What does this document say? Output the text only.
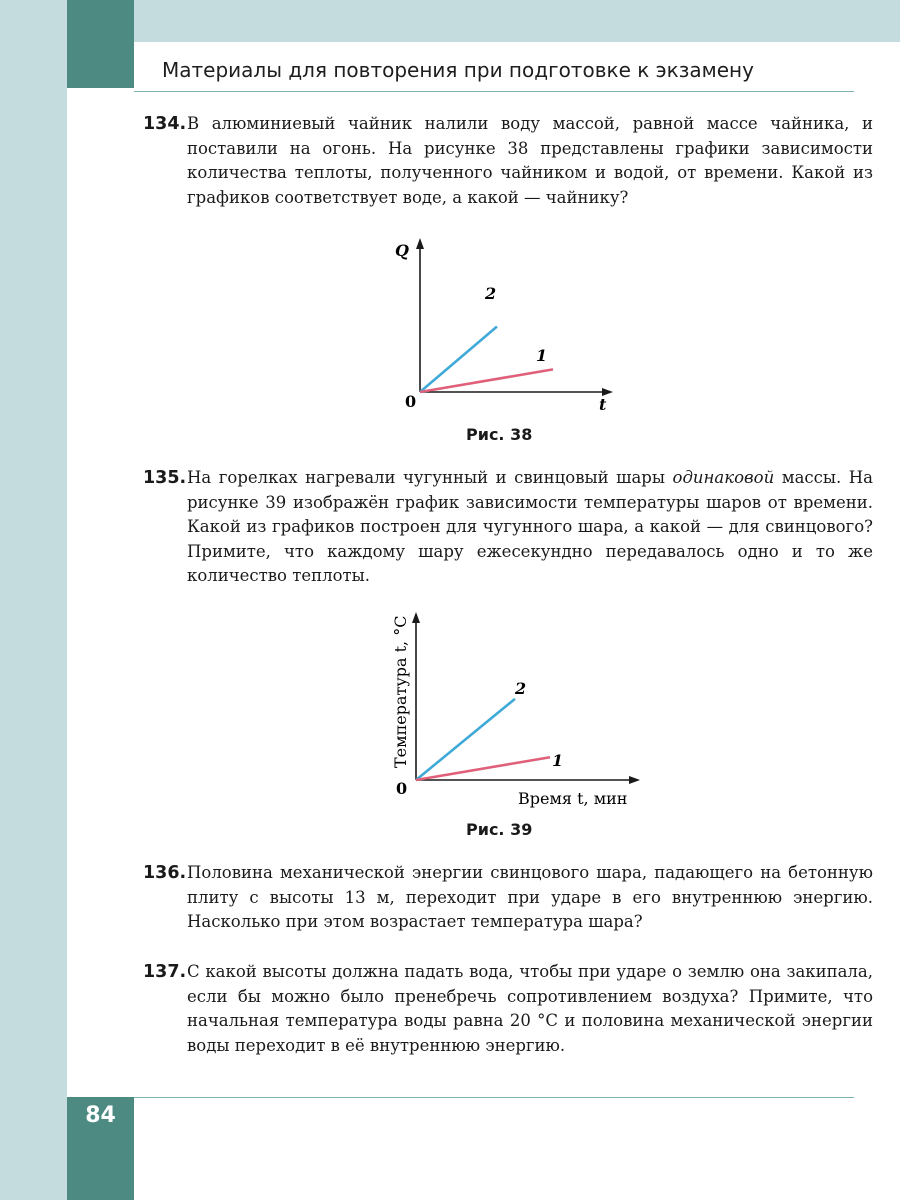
Материалы для повторения при подготовке к экзамену
134. В алюминиевый чайник налили воду массой, равной массе чайника, и поставили на огонь. На рисунке 38 представлены графики зависимости количества теплоты, полученного чайником и водой, от времени. Какой из графиков соответствует воде, а какой — чайнику?
Q
t
0
2
1
Рис. 38
135. На горелках нагревали чугунный и свинцовый шары одинаковой массы. На рисунке 39 изображён график зависимости температуры шаров от времени. Какой из графиков построен для чугунного шара, а какой — для свинцового? Примите, что каждому шару ежесекундно передавалось одно и то же количество теплоты.
Температура t, °C
Время t, мин
0
2
1
Рис. 39
136. Половина механической энергии свинцового шара, падающего на бетонную плиту с высоты 13 м, переходит при ударе в его внутреннюю энергию. Насколько при этом возрастает температура шара?
137. С какой высоты должна падать вода, чтобы при ударе о землю она закипала, если бы можно было пренебречь сопротивлением воздуха? Примите, что начальная температура воды равна 20 °C и половина механической энергии воды переходит в её внутреннюю энергию.
84
